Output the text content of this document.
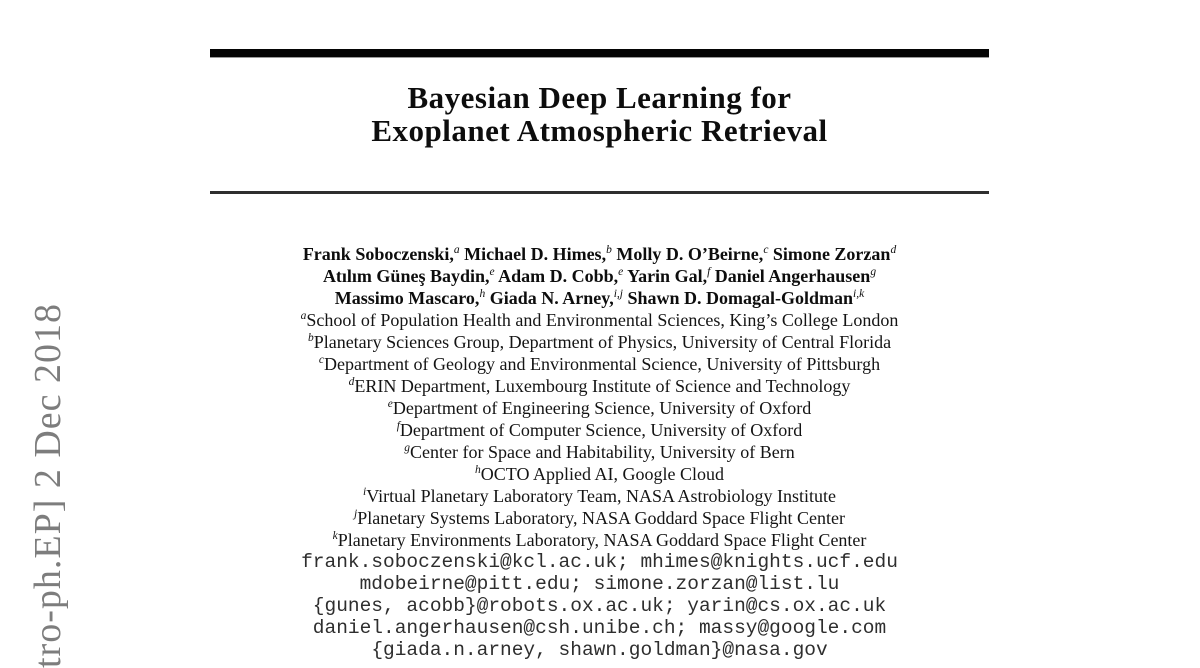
tro-ph.EP] 2 Dec 2018
Bayesian Deep Learning for
Exoplanet Atmospheric Retrieval
Frank Soboczenski,$^a$ Michael D. Himes,$^b$ Molly D. O’Beirne,$^c$ Simone Zorzan$^d$
Atılım Güneş Baydin,$^e$ Adam D. Cobb,$^e$ Yarin Gal,$^f$ Daniel Angerhausen$^g$
Massimo Mascaro,$^h$ Giada N. Arney,$^{i,j}$ Shawn D. Domagal-Goldman$^{i,k}$
$^a$School of Population Health and Environmental Sciences, King’s College London
$^b$Planetary Sciences Group, Department of Physics, University of Central Florida
$^c$Department of Geology and Environmental Science, University of Pittsburgh
$^d$ERIN Department, Luxembourg Institute of Science and Technology
$^e$Department of Engineering Science, University of Oxford
$^f$Department of Computer Science, University of Oxford
$^g$Center for Space and Habitability, University of Bern
$^h$OCTO Applied AI, Google Cloud
$^i$Virtual Planetary Laboratory Team, NASA Astrobiology Institute
$^j$Planetary Systems Laboratory, NASA Goddard Space Flight Center
$^k$Planetary Environments Laboratory, NASA Goddard Space Flight Center
frank.soboczenski@kcl.ac.uk; mhimes@knights.ucf.edu
mdobeirne@pitt.edu; simone.zorzan@list.lu
{gunes, acobb}@robots.ox.ac.uk; yarin@cs.ox.ac.uk
daniel.angerhausen@csh.unibe.ch; massy@google.com
{giada.n.arney, shawn.goldman}@nasa.gov
